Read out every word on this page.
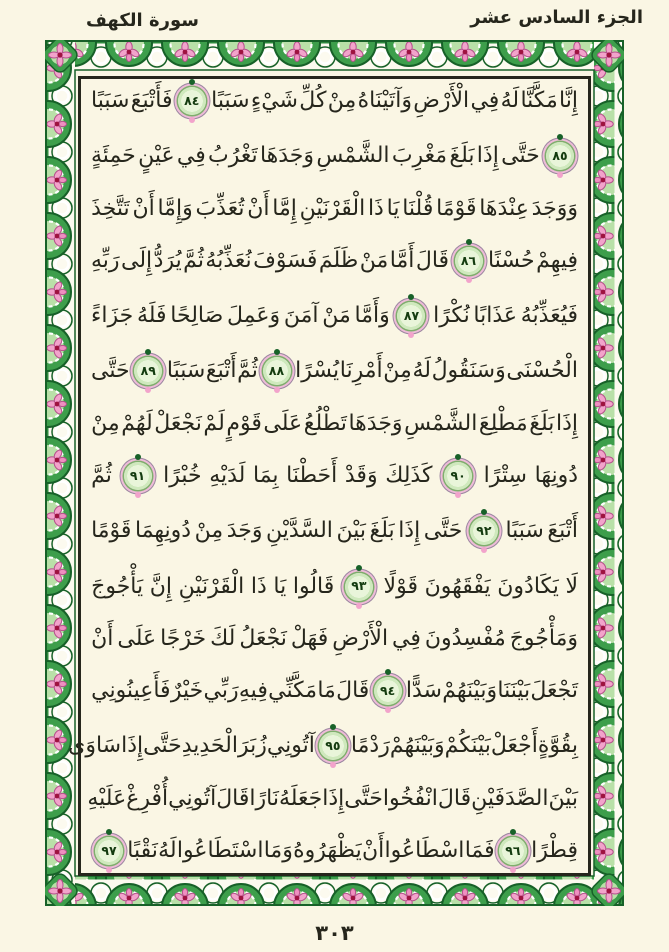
الجزء السادس عشر
سورة الكهف
إِنَّا
مَكَّنَّا
لَهُ
فِي
الْأَرْضِ
وَآتَيْنَاهُ
مِنْ
كُلِّ
شَيْءٍ
سَبَبًا
٨٤
فَأَتْبَعَ
سَبَبًا
٨٥
حَتَّى
إِذَا
بَلَغَ
مَغْرِبَ
الشَّمْسِ
وَجَدَهَا
تَغْرُبُ
فِي
عَيْنٍ
حَمِئَةٍ
وَوَجَدَ
عِنْدَهَا
قَوْمًا
قُلْنَا
يَا
ذَا
الْقَرْنَيْنِ
إِمَّا
أَنْ
تُعَذِّبَ
وَإِمَّا
أَنْ
تَتَّخِذَ
فِيهِمْ
حُسْنًا
٨٦
قَالَ
أَمَّا
مَنْ
ظَلَمَ
فَسَوْفَ
نُعَذِّبُهُ
ثُمَّ
يُرَدُّ
إِلَى
رَبِّهِ
فَيُعَذِّبُهُ
عَذَابًا
نُكْرًا
٨٧
وَأَمَّا
مَنْ
آمَنَ
وَعَمِلَ
صَالِحًا
فَلَهُ
جَزَاءً
الْحُسْنَى
وَسَنَقُولُ
لَهُ
مِنْ
أَمْرِنَا
يُسْرًا
٨٨
ثُمَّ
أَتْبَعَ
سَبَبًا
٨٩
حَتَّى
إِذَا
بَلَغَ
مَطْلِعَ
الشَّمْسِ
وَجَدَهَا
تَطْلُعُ
عَلَى
قَوْمٍ
لَمْ
نَجْعَلْ
لَهُمْ
مِنْ
دُونِهَا
سِتْرًا
٩٠
كَذَلِكَ
وَقَدْ
أَحَطْنَا
بِمَا
لَدَيْهِ
خُبْرًا
٩١
ثُمَّ
أَتْبَعَ
سَبَبًا
٩٢
حَتَّى
إِذَا
بَلَغَ
بَيْنَ
السَّدَّيْنِ
وَجَدَ
مِنْ
دُونِهِمَا
قَوْمًا
لَا
يَكَادُونَ
يَفْقَهُونَ
قَوْلًا
٩٣
قَالُوا
يَا
ذَا
الْقَرْنَيْنِ
إِنَّ
يَأْجُوجَ
وَمَأْجُوجَ
مُفْسِدُونَ
فِي
الْأَرْضِ
فَهَلْ
نَجْعَلُ
لَكَ
خَرْجًا
عَلَى
أَنْ
تَجْعَلَ
بَيْنَنَا
وَبَيْنَهُمْ
سَدًّا
٩٤
قَالَ
مَا
مَكَّنِّي
فِيهِ
رَبِّي
خَيْرٌ
فَأَعِينُونِي
بِقُوَّةٍ
أَجْعَلْ
بَيْنَكُمْ
وَبَيْنَهُمْ
رَدْمًا
٩٥
آتُونِي
زُبَرَ
الْحَدِيدِ
حَتَّى
إِذَا
سَاوَى
بَيْنَ
الصَّدَفَيْنِ
قَالَ
انْفُخُوا
حَتَّى
إِذَا
جَعَلَهُ
نَارًا
قَالَ
آتُونِي
أُفْرِغْ
عَلَيْهِ
قِطْرًا
٩٦
فَمَا
اسْطَاعُوا
أَنْ
يَظْهَرُوهُ
وَمَا
اسْتَطَاعُوا
لَهُ
نَقْبًا
٩٧
٣٠٣
